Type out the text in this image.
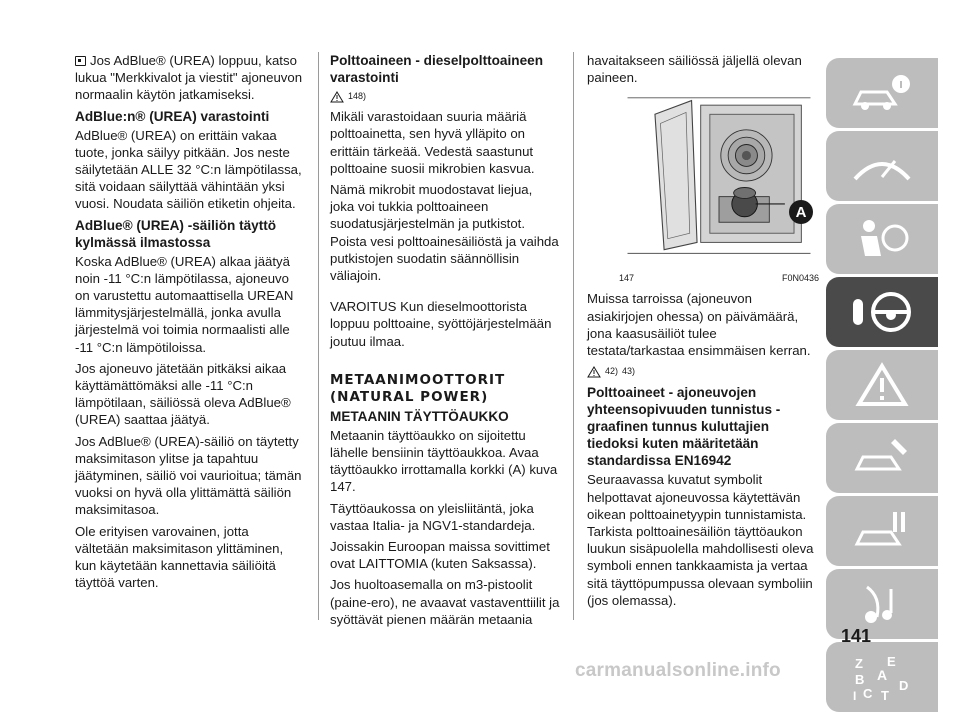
Jos AdBlue® (UREA) loppuu, katso lukua "Merkkivalot ja viestit" ajoneuvon normaalin käytön jatkamiseksi.

AdBlue:n® (UREA) varastointi

AdBlue® (UREA) on erittäin vakaa tuote, jonka säilyy pitkään. Jos neste säilytetään ALLE 32 °C:n lämpötilassa, sitä voidaan säilyttää vähintään yksi vuosi. Noudata säiliön etiketin ohjeita.

AdBlue® (UREA) -säiliön täyttö kylmässä ilmastossa

Koska AdBlue® (UREA) alkaa jäätyä noin -11 °C:n lämpötilassa, ajoneuvo on varustettu automaattisella UREAN lämmitysjärjestelmällä, jonka avulla järjestelmä voi toimia normaalisti alle -11 °C:n lämpötiloissa.

Jos ajoneuvo jätetään pitkäksi aikaa käyttämättömäksi alle -11 °C:n lämpötilaan, säiliössä oleva AdBlue® (UREA) saattaa jäätyä.

Jos AdBlue® (UREA)-säiliö on täytetty maksimitason ylitse ja tapahtuu jäätyminen, säiliö voi vaurioitua; tämän vuoksi on hyvä olla ylittämättä säiliön maksimitasoa.

Ole erityisen varovainen, jotta vältetään maksimitason ylittäminen, kun käytetään kannettavia säiliöitä täyttöä varten.

Polttoaineen - dieselpolttoaineen varastointi
148)

Mikäli varastoidaan suuria määriä polttoainetta, sen hyvä ylläpito on erittäin tärkeää. Vedestä saastunut polttoaine suosii mikrobien kasvua.

Nämä mikrobit muodostavat liejua, joka voi tukkia polttoaineen suodatusjärjestelmän ja putkistot. Poista vesi polttoainesäiliöstä ja vaihda putkistojen suodatin säännöllisin väliajoin.

VAROITUS Kun dieselmoottorista loppuu polttoaine, syöttöjärjestelmään joutuu ilmaa.

METAANIMOOTTORIT
(NATURAL POWER)
METAANIN TÄYTTÖAUKKO

Metaanin täyttöaukko on sijoitettu lähelle bensiinin täyttöaukkoa. Avaa täyttöaukko irrottamalla korkki (A) kuva 147.

Täyttöaukossa on yleisliitäntä, joka vastaa Italia- ja NGV1-standardeja.

Joissakin Euroopan maissa sovittimet ovat LAITTOMIA (kuten Saksassa).

Jos huoltoasemalla on m3-pistoolit (paine-ero), ne avaavat vastaventtiilit ja syöttävät pienen määrän metaania

havaitakseen säiliössä jäljellä olevan paineen.

A
147	F0N0436

Muissa tarroissa (ajoneuvon asiakirjojen ohessa) on päivämäärä, jona kaasusäiliöt tulee testata/tarkastaa ensimmäisen kerran.

42) 43)
Polttoaineet - ajoneuvojen yhteensopivuuden tunnistus - graafinen tunnus kuluttajien tiedoksi kuten määritetään standardissa EN16942

Seuraavassa kuvatut symbolit helpottavat ajoneuvossa käytettävän oikean polttoainetyypin tunnistamista. Tarkista polttoainesäiliön täyttöaukon luukun sisäpuolella mahdollisesti oleva symboli ennen tankkaamista ja vertaa sitä täyttöpumpussa olevaan symboliin (jos olemassa).

Z E
A
B
C
D
I T
141
carmanualsonline.info
